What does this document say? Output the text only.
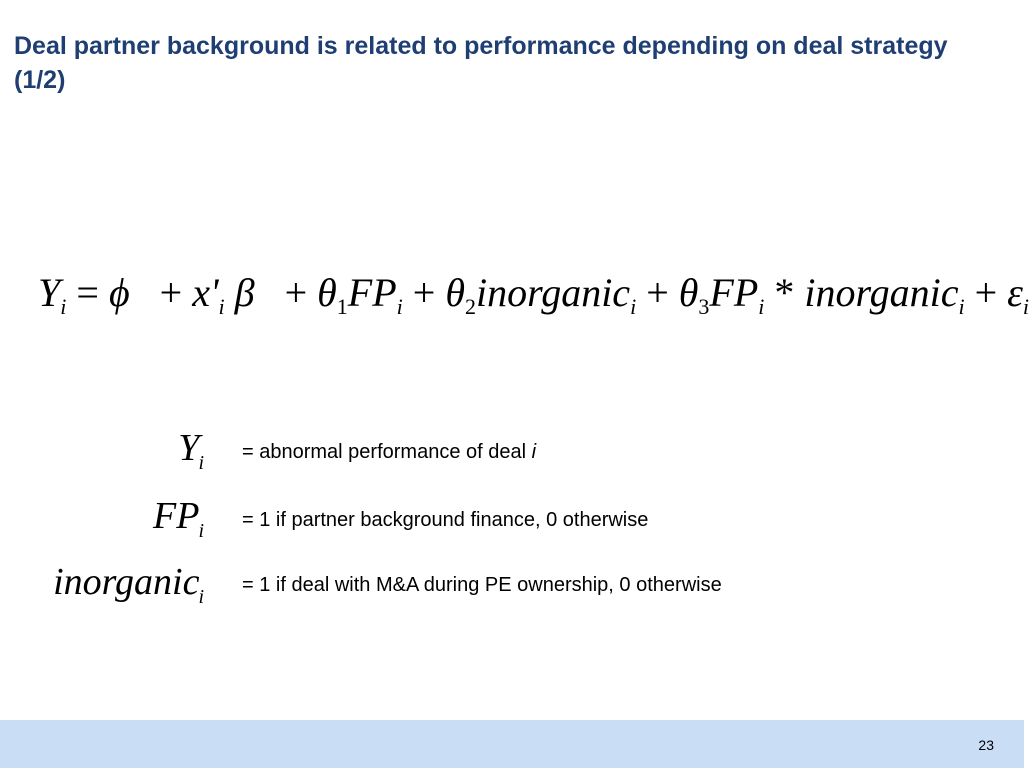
Deal partner background is related to performance depending on deal strategy (1/2)
$Y_i = \phi + x'_i$ $\beta + \theta_1FP_i$ + $\theta_2inorganic_i + \theta_3FP_i$ * inorganic$_i$ + $\varepsilon_i$
$Y_i$ = abnormal performance of deal i
$FP_i = 1$ if partner background finance, 0 otherwise
inorganic$_i$
= 1 if deal with M&A during PE ownership, 0 otherwise
23
